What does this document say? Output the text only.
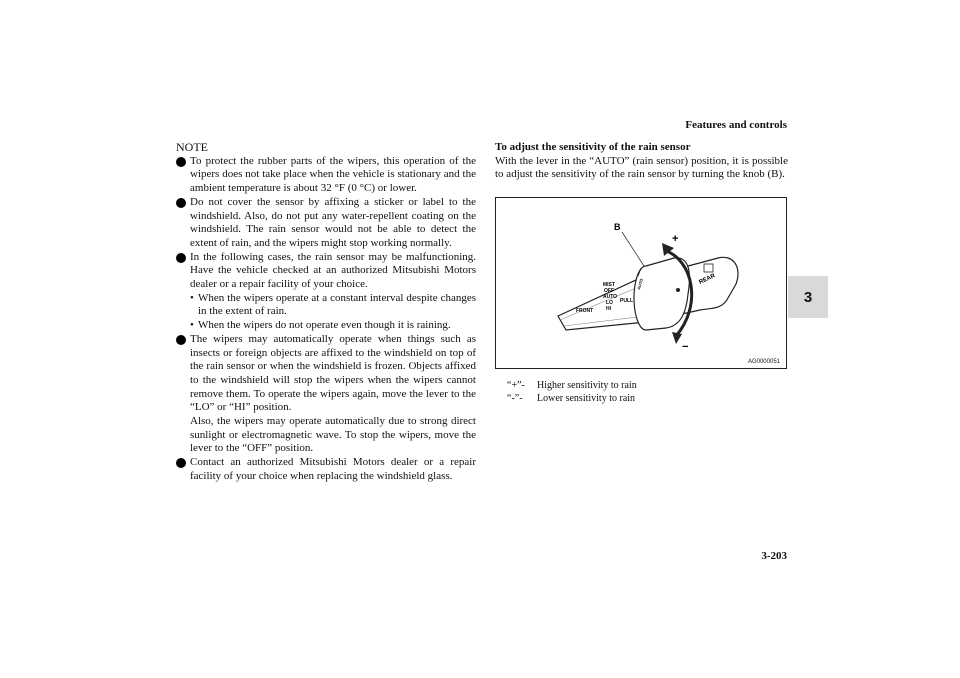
Features and controls
3
3-203

NOTE

To protect the rubber parts of the wipers, this operation of the wipers does not take place when the vehicle is stationary and the ambient temperature is about 32 °F (0 °C) or lower.
Do not cover the sensor by affixing a sticker or label to the windshield. Also, do not put any water-repellent coating on the windshield. The rain sensor would not be able to detect the extent of rain, and the wipers might stop working normally.
In the following cases, the rain sensor may be malfunctioning. Have the vehicle checked at an authorized Mitsubishi Motors dealer or a repair facility of your choice.
• When the wipers operate at a constant interval despite changes in the extent of rain.
• When the wipers do not operate even though it is raining.
The wipers may automatically operate when things such as insects or foreign objects are affixed to the windshield on top of the rain sensor or when the windshield is frozen. Objects affixed to the windshield will stop the wipers when the wipers cannot remove them. To operate the wipers again, move the lever to the “LO” or “HI” position.
Also, the wipers may operate automatically due to strong direct sunlight or electromagnetic wave. To stop the wipers, move the lever to the “OFF” position.
Contact an authorized Mitsubishi Motors dealer or a repair facility of your choice when replacing the windshield glass.

To adjust the sensitivity of the rain sensor

With the lever in the “AUTO” (rain sensor) position, it is possible to adjust the sensitivity of the rain sensor by turning the knob (B).

B
+
−
MIST
OFF
AUTO
LO
HI
FRONT
PULL
AUTO	REAR
AG0000051
“+”-	Higher sensitivity to rain
“-”-	Lower sensitivity to rain
